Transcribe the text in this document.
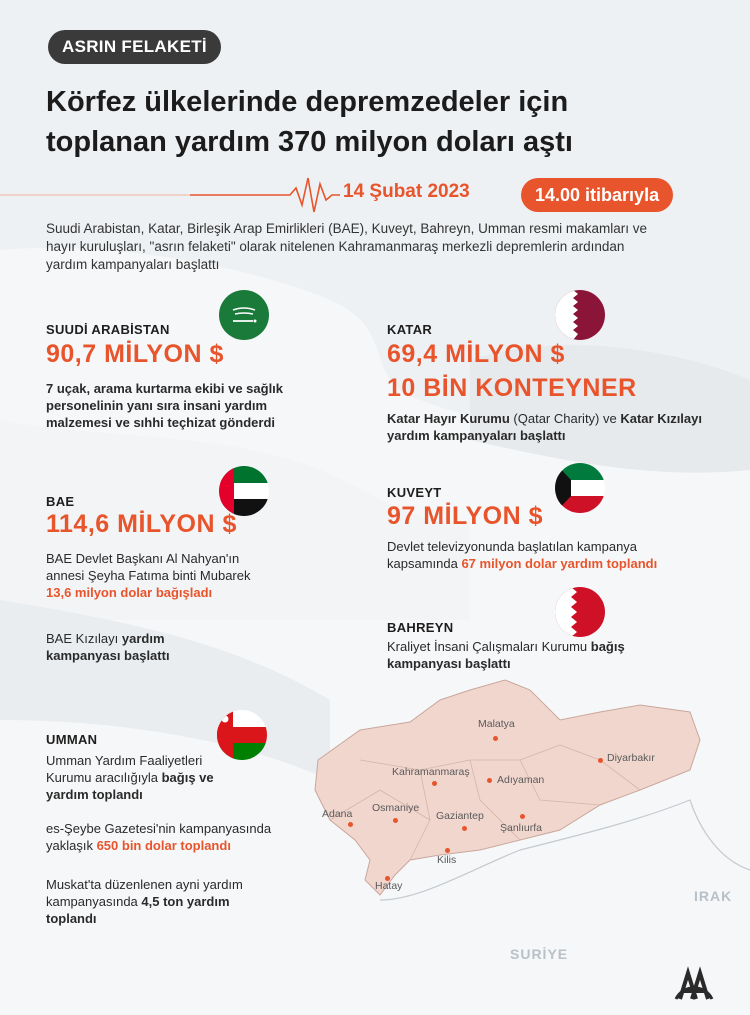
ASRIN FELAKETİ
Körfez ülkelerinde depremzedeler için
toplanan yardım 370 milyon doları aştı
14 Şubat 2023	14.00 itibarıyla
Suudi Arabistan, Katar, Birleşik Arap Emirlikleri (BAE), Kuveyt, Bahreyn, Umman resmi makamları ve hayır kuruluşları, "asrın felaketi" olarak nitelenen Kahramanmaraş merkezli depremlerin ardından yardım kampanyaları başlattı
SUUDİ ARABİSTAN
90,7 MİLYON $
7 uçak, arama kurtarma ekibi ve sağlık personelinin yanı sıra insani yardım malzemesi ve sıhhi teçhizat gönderdi
KATAR
69,4 MİLYON $
10 BİN KONTEYNER
Katar Hayır Kurumu (Qatar Charity) ve Katar Kızılayı yardım kampanyaları başlattı
BAE
114,6 MİLYON $
BAE Devlet Başkanı Al Nahyan'ın annesi Şeyha Fatıma binti Mubarek 13,6 milyon dolar bağışladı
BAE Kızılayı yardım kampanyası başlattı
KUVEYT
97 MİLYON $
Devlet televizyonunda başlatılan kampanya kapsamında 67 milyon dolar yardım toplandı
BAHREYN
Kraliyet İnsani Çalışmaları Kurumu bağış kampanyası başlattı
UMMAN
Umman Yardım Faaliyetleri Kurumu aracılığıyla bağış ve yardım toplandı
es-Şeybe Gazetesi'nin kampanyasında yaklaşık 650 bin dolar toplandı
Muskat'ta düzenlenen ayni yardım kampanyasında 4,5 ton yardım toplandı
Malatya
Diyarbakır
Kahramanmaraş
Adıyaman
Adana Osmaniye
Gaziantep
Şanlıurfa
Kilis
Hatay
SURİYE
IRAK
